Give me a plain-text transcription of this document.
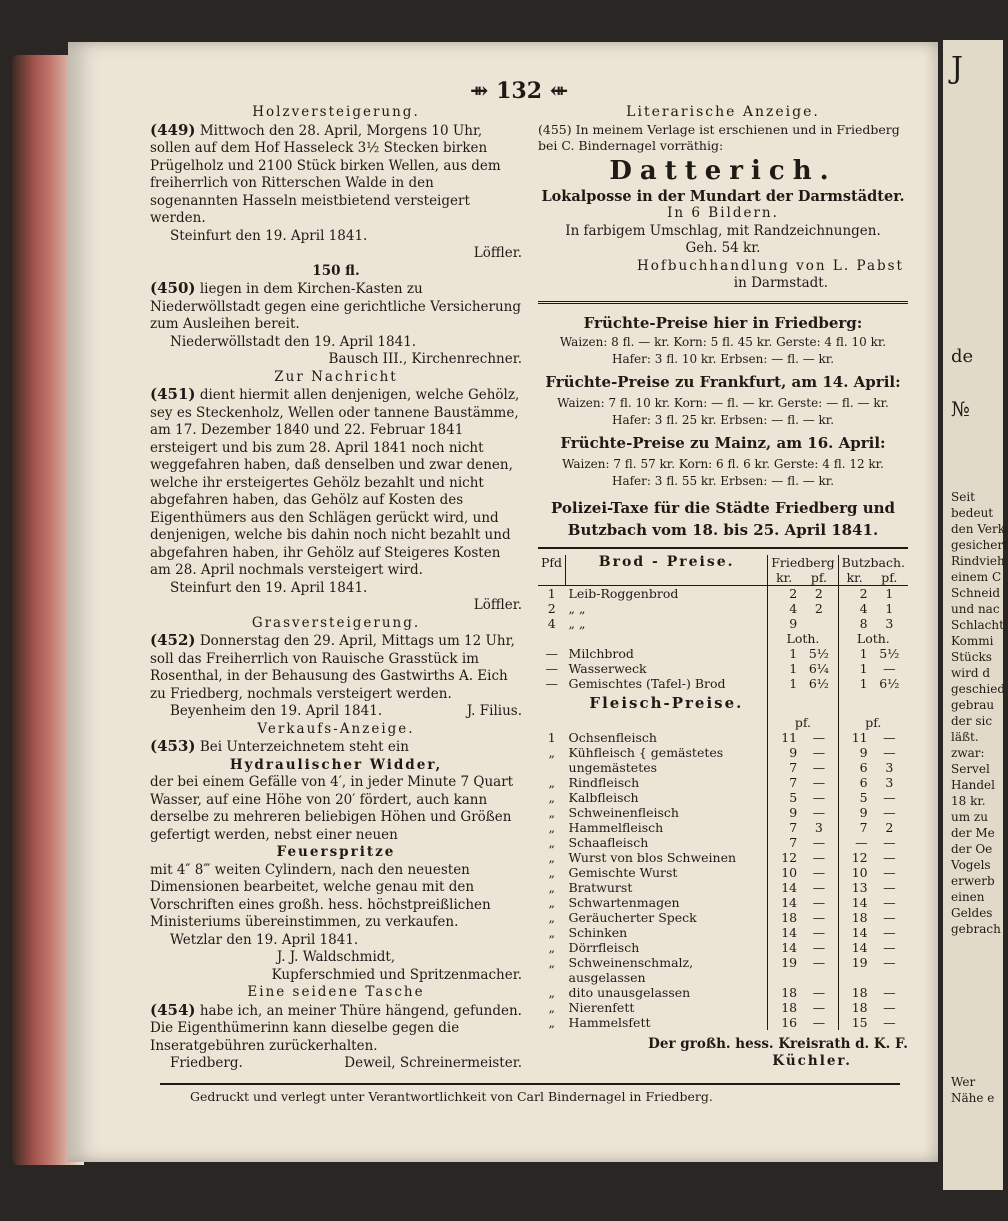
J
de
№
Seit
bedeut
den Verk
gesichert
Rindvieh
einem C
Schneid
und nac
Schlacht
Kommi
Stücks
wird d
geschied
gebrau
der sic
läßt.
zwar:
Servel
Handel
18 kr.
um zu
der Me
der Oe
Vogels
erwerb
einen
Geldes
gebrach
Wer
Nähe e
⇻ 132 ⇺
Holzversteigerung.

(449) Mittwoch den 28. April, Morgens 10 Uhr, sollen auf dem Hof Hasseleck 3½ Stecken birken Prügelholz und 2100 Stück birken Wellen, aus dem freiherrlich von Ritterschen Walde in den sogenannten Hasseln meistbietend versteigert werden.

Steinfurt den 19. April 1841.
Löffler.
150 fl.

(450) liegen in dem Kirchen-Kasten zu Niederwöllstadt gegen eine gerichtliche Versicherung zum Ausleihen bereit.

Niederwöllstadt den 19. April 1841.
Bausch III., Kirchenrechner.
Zur Nachricht

(451) dient hiermit allen denjenigen, welche Gehölz, sey es Steckenholz, Wellen oder tannene Baustämme, am 17. Dezember 1840 und 22. Februar 1841 ersteigert und bis zum 28. April 1841 noch nicht weggefahren haben, daß denselben und zwar denen, welche ihr ersteigertes Gehölz bezahlt und nicht abgefahren haben, das Gehölz auf Kosten des Eigenthümers aus den Schlägen gerückt wird, und denjenigen, welche bis dahin noch nicht bezahlt und abgefahren haben, ihr Gehölz auf Steigeres Kosten am 28. April nochmals versteigert wird.

Steinfurt den 19. April 1841.
Löffler.
Grasversteigerung.

(452) Donnerstag den 29. April, Mittags um 12 Uhr, soll das Freiherrlich von Rauische Grasstück im Rosenthal, in der Behausung des Gastwirths A. Eich zu Friedberg, nochmals versteigert werden.

Beyenheim den 19. April 1841.	J. Filius.
Verkaufs-Anzeige.

(453) Bei Unterzeichnetem steht ein

Hydraulischer Widder,

der bei einem Gefälle von 4′, in jeder Minute 7 Quart Wasser, auf eine Höhe von 20′ fördert, auch kann derselbe zu mehreren beliebigen Höhen und Größen gefertigt werden, nebst einer neuen

Feuerspritze

mit 4″ 8‴ weiten Cylindern, nach den neuesten Dimensionen bearbeitet, welche genau mit den Vorschriften eines großh. hess. höchstpreißlichen Ministeriums übereinstimmen, zu verkaufen.

Wetzlar den 19. April 1841.
J. J. Waldschmidt,
Kupferschmied und Spritzenmacher.
Eine seidene Tasche

(454) habe ich, an meiner Thüre hängend, gefunden. Die Eigenthümerinn kann dieselbe gegen die Inseratgebühren zurückerhalten.

Friedberg.	Deweil, Schreinermeister.
Literarische Anzeige.

(455) In meinem Verlage ist erschienen und in Friedberg bei C. Bindernagel vorräthig:

Datterich.
Lokalposse in der Mundart der Darmstädter.
In 6 Bildern.
In farbigem Umschlag, mit Randzeichnungen.
Geh. 54 kr.
Hofbuchhandlung von L. Pabst
in Darmstadt.
Früchte-Preise hier in Friedberg:
Waizen: 8 fl. — kr. Korn: 5 fl. 45 kr. Gerste: 4 fl. 10 kr.
Hafer: 3 fl. 10 kr. Erbsen: — fl. — kr.
Früchte-Preise zu Frankfurt, am 14. April:
Waizen: 7 fl. 10 kr. Korn: — fl. — kr. Gerste: — fl. — kr.
Hafer: 3 fl. 25 kr. Erbsen: — fl. — kr.
Früchte-Preise zu Mainz, am 16. April:
Waizen: 7 fl. 57 kr. Korn: 6 fl. 6 kr. Gerste: 4 fl. 12 kr.
Hafer: 3 fl. 55 kr. Erbsen: — fl. — kr.
Polizei-Taxe für die Städte Friedberg und
Butzbach vom 18. bis 25. April 1841.
Pfd	Brod - Preise.	Friedberg		Butzbach.	
		kr.	pf.	kr.	pf.
1	Leib-Roggenbrod	2	2	2	1
2	„ „	4	2	4	1
4	„ „	9		8	3
		Loth.		Loth.	
—	Milchbrod	1	5½	1	5½
—	Wasserweck	1	6¼	1	—
—	Gemischtes (Tafel-) Brod	1	6½	1	6½
	Fleisch-Preise.				
		pf.		pf.	
1	Ochsenfleisch	11	—	11	—
„	Kühfleisch { gemästetes	9	—	9	—
	ungemästetes	7	—	6	3
„	Rindfleisch	7	—	6	3
„	Kalbfleisch	5	—	5	—
„	Schweinenfleisch	9	—	9	—
„	Hammelfleisch	7	3	7	2
„	Schaafleisch	7	—	—	—
„	Wurst von blos Schweinen	12	—	12	—
„	Gemischte Wurst	10	—	10	—
„	Bratwurst	14	—	13	—
„	Schwartenmagen	14	—	14	—
„	Geräucherter Speck	18	—	18	—
„	Schinken	14	—	14	—
„	Dörrfleisch	14	—	14	—
„	Schweinenschmalz, ausgelassen	19	—	19	—
„	dito unausgelassen	18	—	18	—
„	Nierenfett	18	—	18	—
„	Hammelsfett	16	—	15	—
Der großh. hess. Kreisrath d. K. F.
Küchler.
Gedruckt und verlegt unter Verantwortlichkeit von Carl Bindernagel in Friedberg.
